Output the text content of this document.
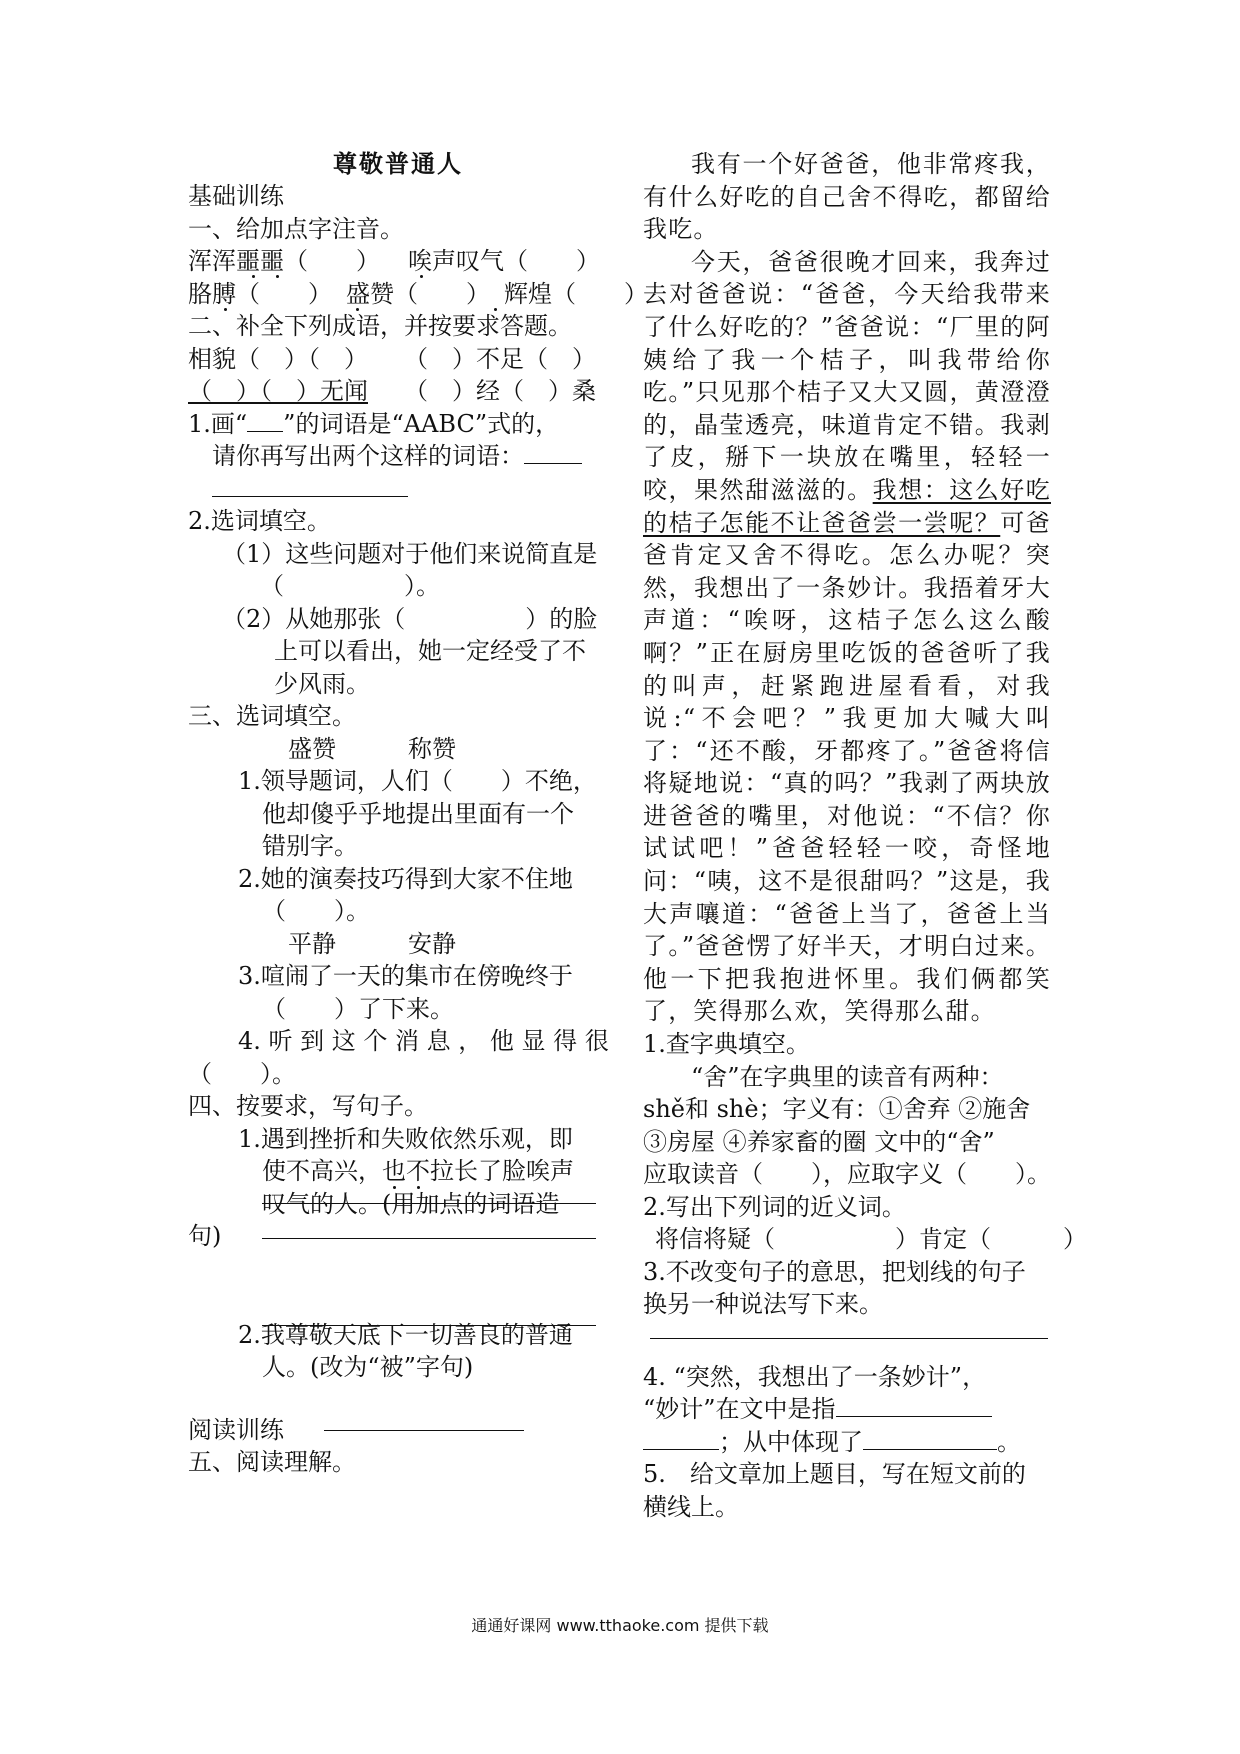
尊敬普通人
基础训练
一、给加点字注音。
浑浑噩噩（　　） 唉声叹气（　　）
胳膊（　　） 盛赞（　　） 辉煌（　　）
二、补全下列成语，并按要求答题。
相貌（　）（　） （　）不足（　）
（　）（　）无闻 （　）经（　）桑
1.画“ ”的词语是“AABC”式的，
请你再写出两个这样的词语：
2.选词填空。
（1）这些问题对于他们来说简直是
（　　　　　）。
（2）从她那张（　　　　　）的脸
上可以看出，她一定经受了不
少风雨。
三、选词填空。
盛赞　　　称赞
1.领导题词，人们（　　）不绝，
他却傻乎乎地提出里面有一个
错别字。
2.她的演奏技巧得到大家不住地
（　　）。
平静　　　安静
3.喧闹了一天的集市在傍晚终于
（　　）了下来。
4. 听 到 这 个 消 息 ， 他 显 得 很
（　　）。
四、按要求，写句子。
1.遇到挫折和失败依然乐观，即
使不高兴，也不拉长了脸唉声
叹气的人。(用加点的词语造
句)
2.我尊敬天底下一切善良的普通
人。(改为“被”字句)
阅读训练
五、阅读理解。
我有一个好爸爸，他非常疼我，有什么好吃的自己舍不得吃，都留给我吃。
今天，爸爸很晚才回来，我奔过去对爸爸说：“爸爸，今天给我带来了什么好吃的？”爸爸说：“厂里的阿姨给了我一个桔子，叫我带给你吃。”只见那个桔子又大又圆，黄澄澄的，晶莹透亮，味道肯定不错。我剥了皮，掰下一块放在嘴里，轻轻一咬，果然甜滋滋的。我想：这么好吃的桔子怎能不让爸爸尝一尝呢？可爸爸肯定又舍不得吃。怎么办呢？突然，我想出了一条妙计。我捂着牙大声道：“唉呀，这桔子怎么这么酸啊？”正在厨房里吃饭的爸爸听了我的叫声，赶紧跑进屋看看，对我说:“不会吧？”我更加大喊大叫了：“还不酸，牙都疼了。”爸爸将信将疑地说：“真的吗？”我剥了两块放进爸爸的嘴里，对他说：“不信？你试试吧！”爸爸轻轻一咬，奇怪地问：“咦，这不是很甜吗？”这是，我大声嚷道：“爸爸上当了，爸爸上当了。”爸爸愣了好半天，才明白过来。他一下把我抱进怀里。我们俩都笑了，笑得那么欢，笑得那么甜。
1.查字典填空。
“舍”在字典里的读音有两种：
shě和 shè；字义有：①舍弃 ②施舍
③房屋 ④养家畜的圈 文中的“舍”
应取读音（　　），应取字义（　　）。
2.写出下列词的近义词。
将信将疑（　　　　　）肯定（　　　）
3.不改变句子的意思，把划线的句子
换另一种说法写下来。
4. “突然，我想出了一条妙计”，
“妙计”在文中是指
；从中体现了	。
5.　给文章加上题目，写在短文前的
横线上。
通通好课网 www.tthaoke.com 提供下载
